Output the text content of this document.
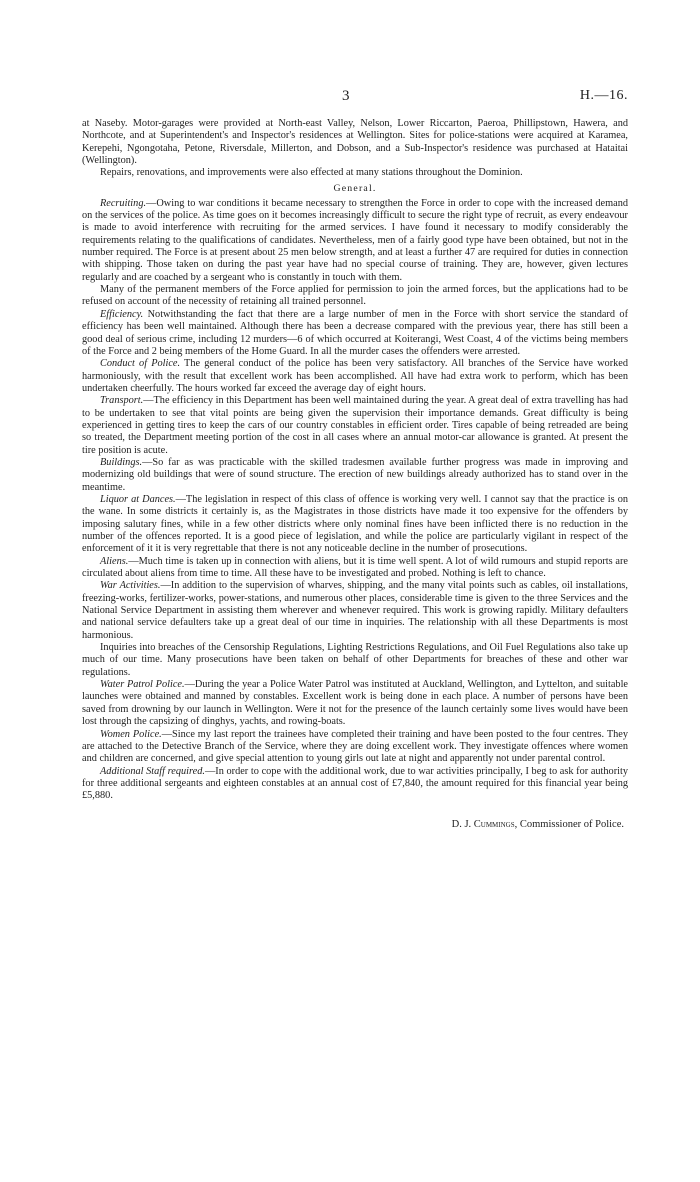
3	H.—16.

at Naseby. Motor-garages were provided at North-east Valley, Nelson, Lower Riccarton, Paeroa, Phillipstown, Hawera, and Northcote, and at Superintendent's and Inspector's residences at Wellington. Sites for police-stations were acquired at Karamea, Kerepehi, Ngongotaha, Petone, Riversdale, Millerton, and Dobson, and a Sub-Inspector's residence was purchased at Hataitai (Wellington).

Repairs, renovations, and improvements were also effected at many stations throughout the Dominion.

General.

Recruiting.—Owing to war conditions it became necessary to strengthen the Force in order to cope with the increased demand on the services of the police. As time goes on it becomes increasingly difficult to secure the right type of recruit, as every endeavour is made to avoid interference with recruiting for the armed services. I have found it necessary to modify considerably the requirements relating to the qualifications of candidates. Nevertheless, men of a fairly good type have been obtained, but not in the number required. The Force is at present about 25 men below strength, and at least a further 47 are required for duties in connection with shipping. Those taken on during the past year have had no special course of training. They are, however, given lectures regularly and are coached by a sergeant who is constantly in touch with them.

Many of the permanent members of the Force applied for permission to join the armed forces, but the applications had to be refused on account of the necessity of retaining all trained personnel.

Efficiency. Notwithstanding the fact that there are a large number of men in the Force with short service the standard of efficiency has been well maintained. Although there has been a decrease compared with the previous year, there has still been a good deal of serious crime, including 12 murders—6 of which occurred at Koiterangi, West Coast, 4 of the victims being members of the Force and 2 being members of the Home Guard. In all the murder cases the offenders were arrested.

Conduct of Police. The general conduct of the police has been very satisfactory. All branches of the Service have worked harmoniously, with the result that excellent work has been accomplished. All have had extra work to perform, which has been undertaken cheerfully. The hours worked far exceed the average day of eight hours.

Transport.—The efficiency in this Department has been well maintained during the year. A great deal of extra travelling has had to be undertaken to see that vital points are being given the supervision their importance demands. Great difficulty is being experienced in getting tires to keep the cars of our country constables in efficient order. Tires capable of being retreaded are being so treated, the Department meeting portion of the cost in all cases where an annual motor-car allowance is granted. At present the tire position is acute.

Buildings.—So far as was practicable with the skilled tradesmen available further progress was made in improving and modernizing old buildings that were of sound structure. The erection of new buildings already authorized has to stand over in the meantime.

Liquor at Dances.—The legislation in respect of this class of offence is working very well. I cannot say that the practice is on the wane. In some districts it certainly is, as the Magistrates in those districts have made it too expensive for the offenders by imposing salutary fines, while in a few other districts where only nominal fines have been inflicted there is no reduction in the number of the offences reported. It is a good piece of legislation, and while the police are particularly vigilant in respect of the enforcement of it it is very regrettable that there is not any noticeable decline in the number of prosecutions.

Aliens.—Much time is taken up in connection with aliens, but it is time well spent. A lot of wild rumours and stupid reports are circulated about aliens from time to time. All these have to be investigated and probed. Nothing is left to chance.

War Activities.—In addition to the supervision of wharves, shipping, and the many vital points such as cables, oil installations, freezing-works, fertilizer-works, power-stations, and numerous other places, considerable time is given to the three Services and the National Service Department in assisting them wherever and whenever required. This work is growing rapidly. Military defaulters and national service defaulters take up a great deal of our time in inquiries. The relationship with all these Departments is most harmonious.

Inquiries into breaches of the Censorship Regulations, Lighting Restrictions Regulations, and Oil Fuel Regulations also take up much of our time. Many prosecutions have been taken on behalf of other Departments for breaches of these and other war regulations.

Water Patrol Police.—During the year a Police Water Patrol was instituted at Auckland, Wellington, and Lyttelton, and suitable launches were obtained and manned by constables. Excellent work is being done in each place. A number of persons have been saved from drowning by our launch in Wellington. Were it not for the presence of the launch certainly some lives would have been lost through the capsizing of dinghys, yachts, and rowing-boats.

Women Police.—Since my last report the trainees have completed their training and have been posted to the four centres. They are attached to the Detective Branch of the Service, where they are doing excellent work. They investigate offences where women and children are concerned, and give special attention to young girls out late at night and apparently not under parental control.

Additional Staff required.—In order to cope with the additional work, due to war activities principally, I beg to ask for authority for three additional sergeants and eighteen constables at an annual cost of £7,840, the amount required for this financial year being £5,880.

D. J. Cummings, Commissioner of Police.
